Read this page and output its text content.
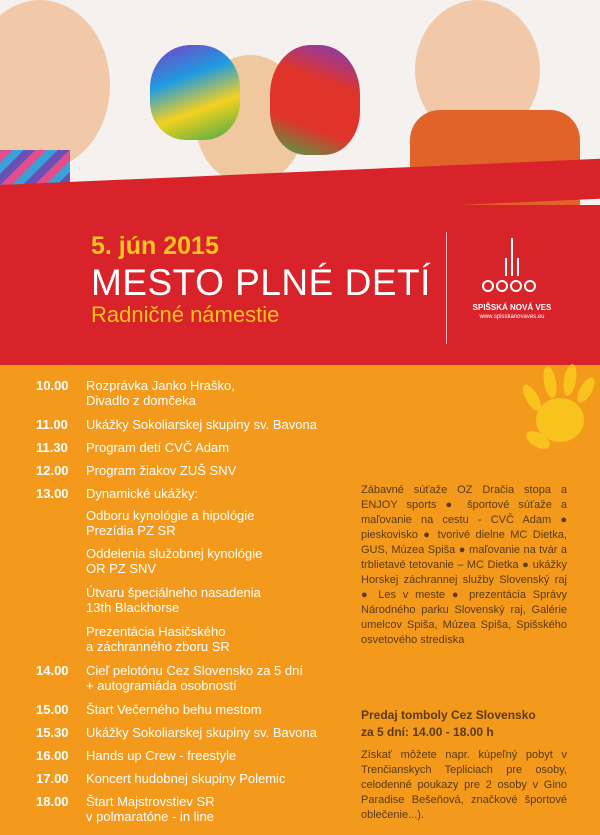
5. jún 2015
MESTO PLNÉ DETÍ
Radničné námestie	SPIŠSKÁ NOVÁ VES
www.spisskanovaves.eu
10.00	Rozprávka Janko Hraško,
Divadlo z domčeka
11.00	Ukážky Sokoliarskej skupiny sv. Bavona
11.30	Program detí CVČ Adam
12.00	Program žiakov ZUŠ SNV
13.00	Dynamické ukážky:
Odboru kynológie a hipológie
Prezídia PZ SR
Oddelenia služobnej kynológie
OR PZ SNV
Útvaru špeciálneho nasadenia
13th Blackhorse
Prezentácia Hasičského
a záchranného zboru SR
14.00	Cieľ pelotónu Cez Slovensko za 5 dní
+ autogramiáda osobností
15.00	Štart Večerného behu mestom
15.30	Ukážky Sokoliarskej skupiny sv. Bavona
16.00	Hands up Crew - freestyle
17.00	Koncert hudobnej skupiny Polemic
18.00	Štart Majstrovstiev SR
v polmaratóne - in line
Zábavné súťaže OZ Dračia stopa a ENJOY sports ● športové súťaže a maľovanie na cestu - CVČ Adam ● pieskovisko ● tvorivé dielne MC Dietka, GUS, Múzea Spiša ● maľovanie na tvár a trblietavé tetovanie – MC Dietka ● ukážky Horskej záchrannej služby Slovenský raj ● Les v meste ● prezentácia Správy Národného parku Slovenský raj, Galérie umelcov Spiša, Múzea Spiša, Spišského osvetového strediska
Predaj tomboly Cez Slovensko
za 5 dní: 14.00 - 18.00 h
Získať môžete napr. kúpeľný pobyt v Trenčianskych Tepliciach pre osoby, celodenné poukazy pre 2 osoby v Gino Paradise Bešeňová, značkové športové oblečenie...).
